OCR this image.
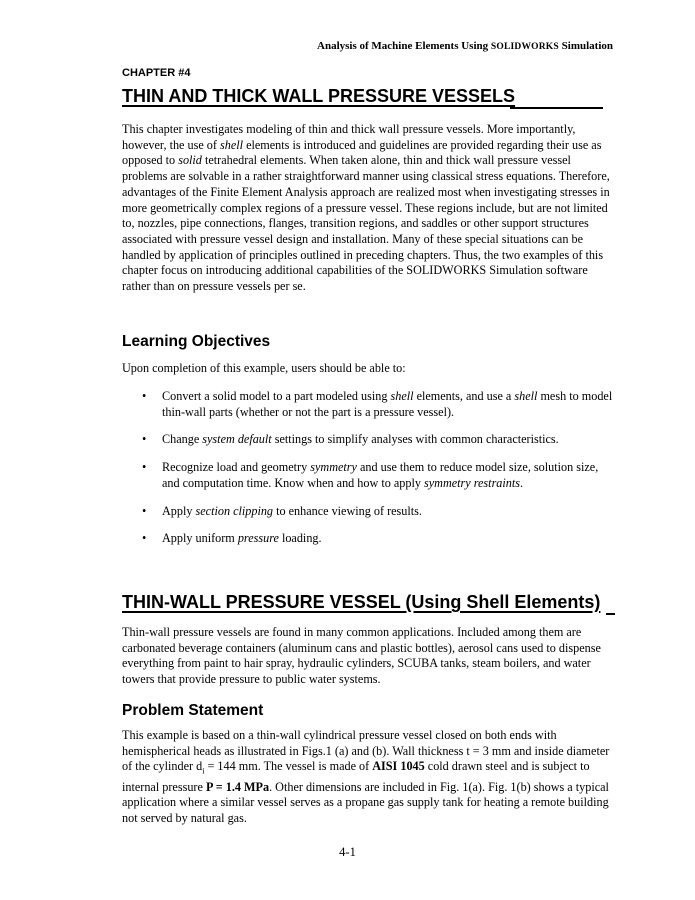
Analysis of Machine Elements Using SOLIDWORKS Simulation
CHAPTER #4
THIN AND THICK WALL PRESSURE VESSELS

This chapter investigates modeling of thin and thick wall pressure vessels. More importantly, however, the use of shell elements is introduced and guidelines are provided regarding their use as opposed to solid tetrahedral elements. When taken alone, thin and thick wall pressure vessel problems are solvable in a rather straightforward manner using classical stress equations. Therefore, advantages of the Finite Element Analysis approach are realized most when investigating stresses in more geometrically complex regions of a pressure vessel. These regions include, but are not limited to, nozzles, pipe connections, flanges, transition regions, and saddles or other support structures associated with pressure vessel design and installation. Many of these special situations can be handled by application of principles outlined in preceding chapters. Thus, the two examples of this chapter focus on introducing additional capabilities of the SOLIDWORKS Simulation software rather than on pressure vessels per se.

Learning Objectives

Upon completion of this example, users should be able to:

• Convert a solid model to a part modeled using shell elements, and use a shell mesh to model thin-wall parts (whether or not the part is a pressure vessel).
• Change system default settings to simplify analyses with common characteristics.
• Recognize load and geometry symmetry and use them to reduce model size, solution size, and computation time. Know when and how to apply symmetry restraints.
• Apply section clipping to enhance viewing of results.
• Apply uniform pressure loading.
THIN-WALL PRESSURE VESSEL (Using Shell Elements)

Thin-wall pressure vessels are found in many common applications. Included among them are carbonated beverage containers (aluminum cans and plastic bottles), aerosol cans used to dispense everything from paint to hair spray, hydraulic cylinders, SCUBA tanks, steam boilers, and water towers that provide pressure to public water systems.

Problem Statement

This example is based on a thin-wall cylindrical pressure vessel closed on both ends with hemispherical heads as illustrated in Figs.1 (a) and (b). Wall thickness t = 3 mm and inside diameter of the cylinder $d_i = 144$ mm. The vessel is made of AISI 1045 cold drawn steel and is subject to internal pressure P = 1.4 MPa. Other dimensions are included in Fig. 1(a). Fig. 1(b) shows a typical application where a similar vessel serves as a propane gas supply tank for heating a remote building not served by natural gas.

4-1
